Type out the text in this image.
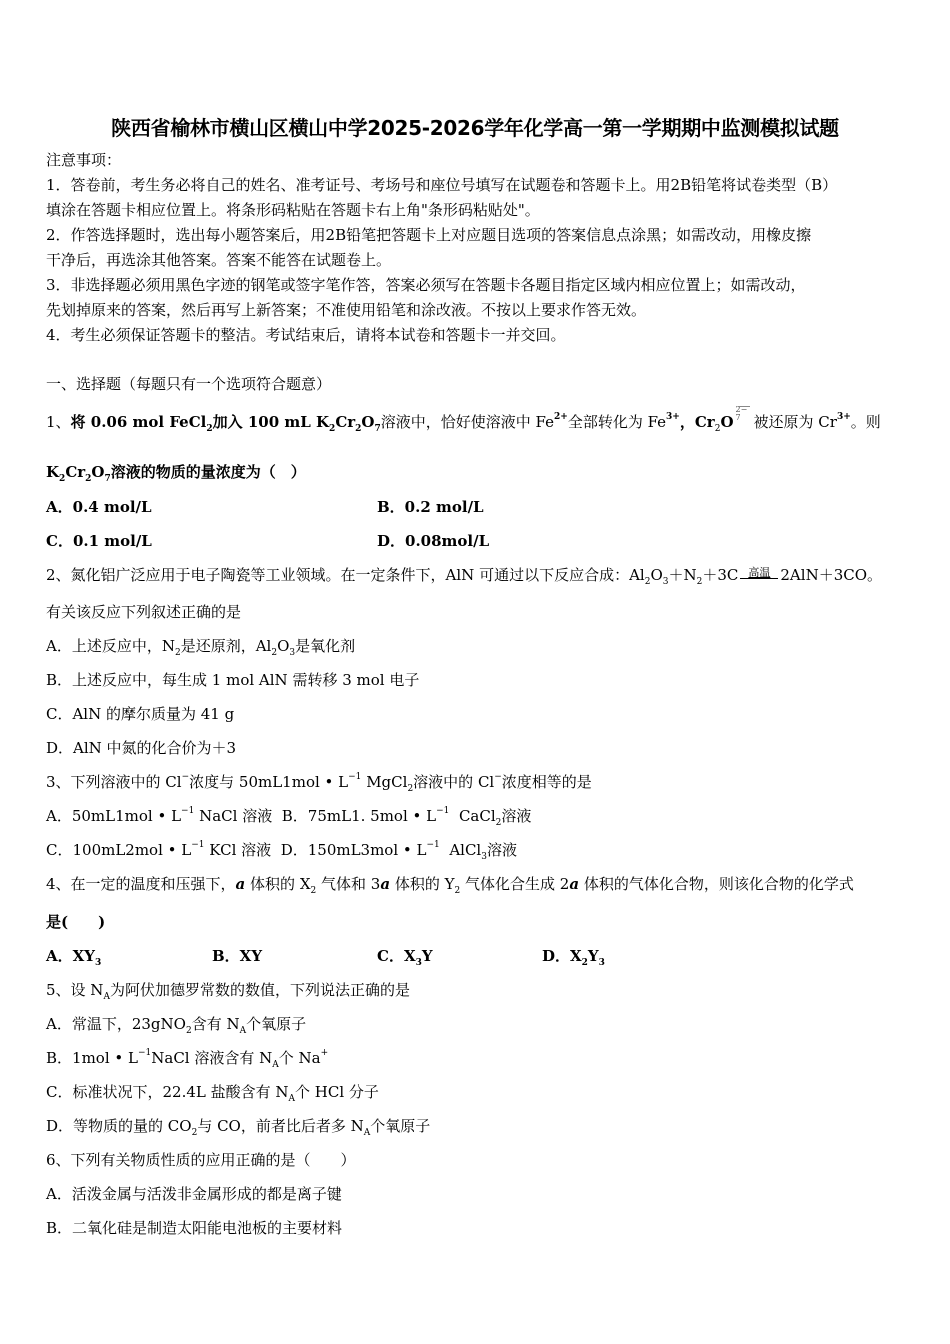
陕西省榆林市横山区横山中学2025-2026学年化学高一第一学期期中监测模拟试题
注意事项：
1．答卷前，考生务必将自己的姓名、准考证号、考场号和座位号填写在试题卷和答题卡上。用2B铅笔将试卷类型（B）
填涂在答题卡相应位置上。将条形码粘贴在答题卡右上角"条形码粘贴处"。
2．作答选择题时，选出每小题答案后，用2B铅笔把答题卡上对应题目选项的答案信息点涂黑；如需改动，用橡皮擦
干净后，再选涂其他答案。答案不能答在试题卷上。
3．非选择题必须用黑色字迹的钢笔或签字笔作答，答案必须写在答题卡各题目指定区域内相应位置上；如需改动，
先划掉原来的答案，然后再写上新答案；不准使用铅笔和涂改液。不按以上要求作答无效。
4．考生必须保证答题卡的整洁。考试结束后，请将本试卷和答题卡一并交回。
一、选择题（每题只有一个选项符合题意）
1、将 0.06 mol FeCl$_2$加入 100 mL $K_2Cr_2O_7$溶液中，恰好使溶液中 $Fe^{2+}$全部转化为 $Fe^{3+}$，$Cr_2O$
2−
7 被还原为 $Cr^{3+}$。则
$K_2Cr_2O_7$溶液的物质的量浓度为（　）
A．0.4 mol/L	B．0.2 mol/L
C．0.1 mol/L	D．0.08mol/L
2、氮化铝广泛应用于电子陶瓷等工业领域。在一定条件下，AlN 可通过以下反应合成：$Al_2O_3+N_2+3C$ 高温 2AlN＋3CO。
有关该反应下列叙述正确的是
A．上述反应中，$N_2$是还原剂，$Al_2O_3$是氧化剂
B．上述反应中，每生成 1 mol AlN 需转移 3 mol 电子
C．AlN 的摩尔质量为 41 g
D．AlN 中氮的化合价为＋3
3、下列溶液中的 Cl−浓度与 50mL1mol • $L^{-1}$ MgCl$_2$溶液中的 Cl−浓度相等的是
A．50mL1mol • $L^{-1}$ NaCl 溶液 B．75mL1. 5mol • $L^{-1}$ CaCl$_2$溶液
C．100mL2mol • $L^{-1}$ KCl 溶液 D．150mL3mol • $L^{-1}$ AlCl$_3$溶液
4、在一定的温度和压强下，a 体积的 $X_2$ 气体和 3a 体积的 $Y_2$ 气体化合生成 2a 体积的气体化合物，则该化合物的化学式
是(　　)
A．$XY_3$	B．XY	C．$X_3Y$	D．$X_2Y_3$
5、设 $N_A$为阿伏加德罗常数的数值，下列说法正确的是
A．常温下，23gNO$_2$含有 $N_A$个氧原子
B．1mol • $L^{-1}NaCl$ 溶液含有 $N_A$个 Na+
C．标准状况下，22.4L 盐酸含有 $N_A$个 HCl 分子
D．等物质的量的 $CO_2$与 CO，前者比后者多 $N_A$个氧原子
6、下列有关物质性质的应用正确的是（　　）
A．活泼金属与活泼非金属形成的都是离子键
B．二氧化硅是制造太阳能电池板的主要材料
